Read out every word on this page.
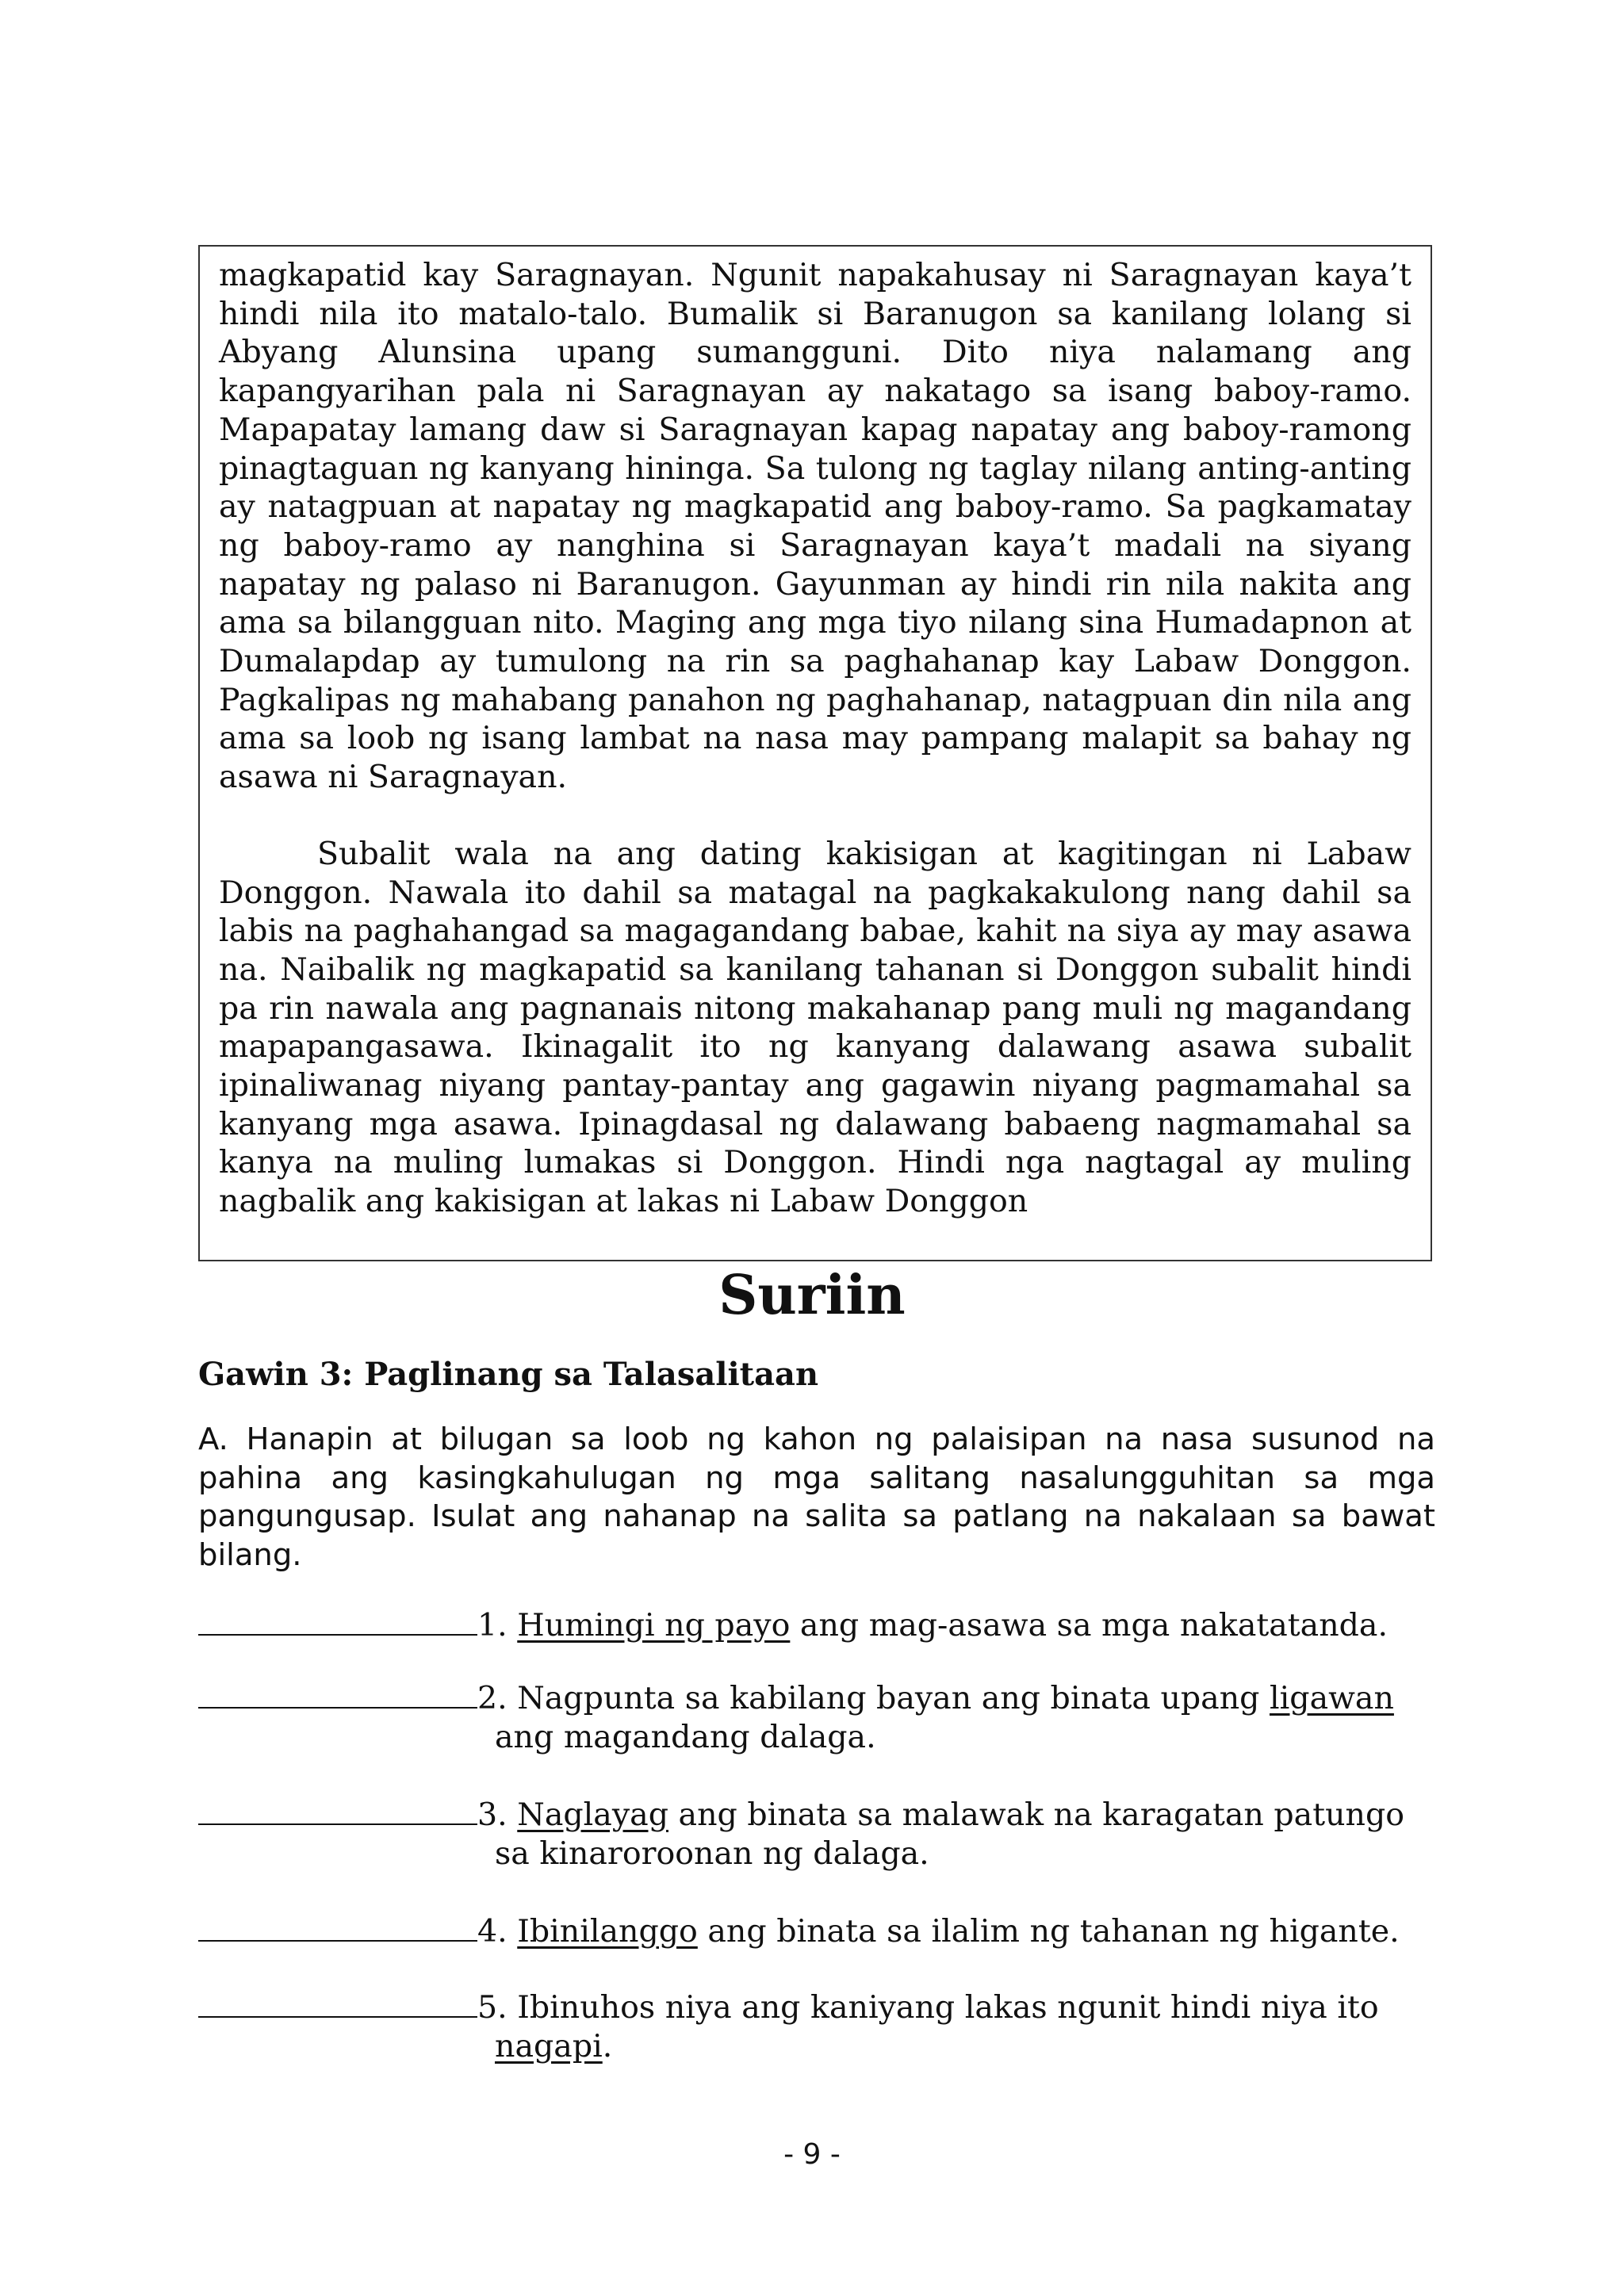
magkapatid kay Saragnayan. Ngunit napakahusay ni Saragnayan kaya’t hindi nila ito matalo-talo. Bumalik si Baranugon sa kanilang lolang si Abyang Alunsina upang sumangguni. Dito niya nalamang ang kapangyarihan pala ni Saragnayan ay nakatago sa isang baboy-ramo. Mapapatay lamang daw si Saragnayan kapag napatay ang baboy-ramong pinagtaguan ng kanyang hininga. Sa tulong ng taglay nilang anting-anting ay natagpuan at napatay ng magkapatid ang baboy-ramo. Sa pagkamatay ng baboy-ramo ay nanghina si Saragnayan kaya’t madali na siyang napatay ng palaso ni Baranugon. Gayunman ay hindi rin nila nakita ang ama sa bilangguan nito. Maging ang mga tiyo nilang sina Humadapnon at Dumalapdap ay tumulong na rin sa paghahanap kay Labaw Donggon. Pagkalipas ng mahabang panahon ng paghahanap, natagpuan din nila ang ama sa loob ng isang lambat na nasa may pampang malapit sa bahay ng asawa ni Saragnayan.

Subalit wala na ang dating kakisigan at kagitingan ni Labaw Donggon. Nawala ito dahil sa matagal na pagkakakulong nang dahil sa labis na paghahangad sa magagandang babae, kahit na siya ay may asawa na. Naibalik ng magkapatid sa kanilang tahanan si Donggon subalit hindi pa rin nawala ang pagnanais nitong makahanap pang muli ng magandang mapapangasawa. Ikinagalit ito ng kanyang dalawang asawa subalit ipinaliwanag niyang pantay-pantay ang gagawin niyang pagmamahal sa kanyang mga asawa. Ipinagdasal ng dalawang babaeng nagmamahal sa kanya na muling lumakas si Donggon. Hindi nga nagtagal ay muling nagbalik ang kakisigan at lakas ni Labaw Donggon

Suriin
Gawin 3: Paglinang sa Talasalitaan

A. Hanapin at bilugan sa loob ng kahon ng palaisipan na nasa susunod na pahina ang kasingkahulugan ng mga salitang nasalungguhitan sa mga pangungusap. Isulat ang nahanap na salita sa patlang na nakalaan sa bawat bilang.

1. Humingi ng payo ang mag-asawa sa mga nakatatanda.
2. Nagpunta sa kabilang bayan ang binata upang ligawan
ang magandang dalaga.
3. Naglayag ang binata sa malawak na karagatan patungo
sa kinaroroonan ng dalaga.
4. Ibinilanggo ang binata sa ilalim ng tahanan ng higante.
5. Ibinuhos niya ang kaniyang lakas ngunit hindi niya ito
nagapi.
- 9 -
